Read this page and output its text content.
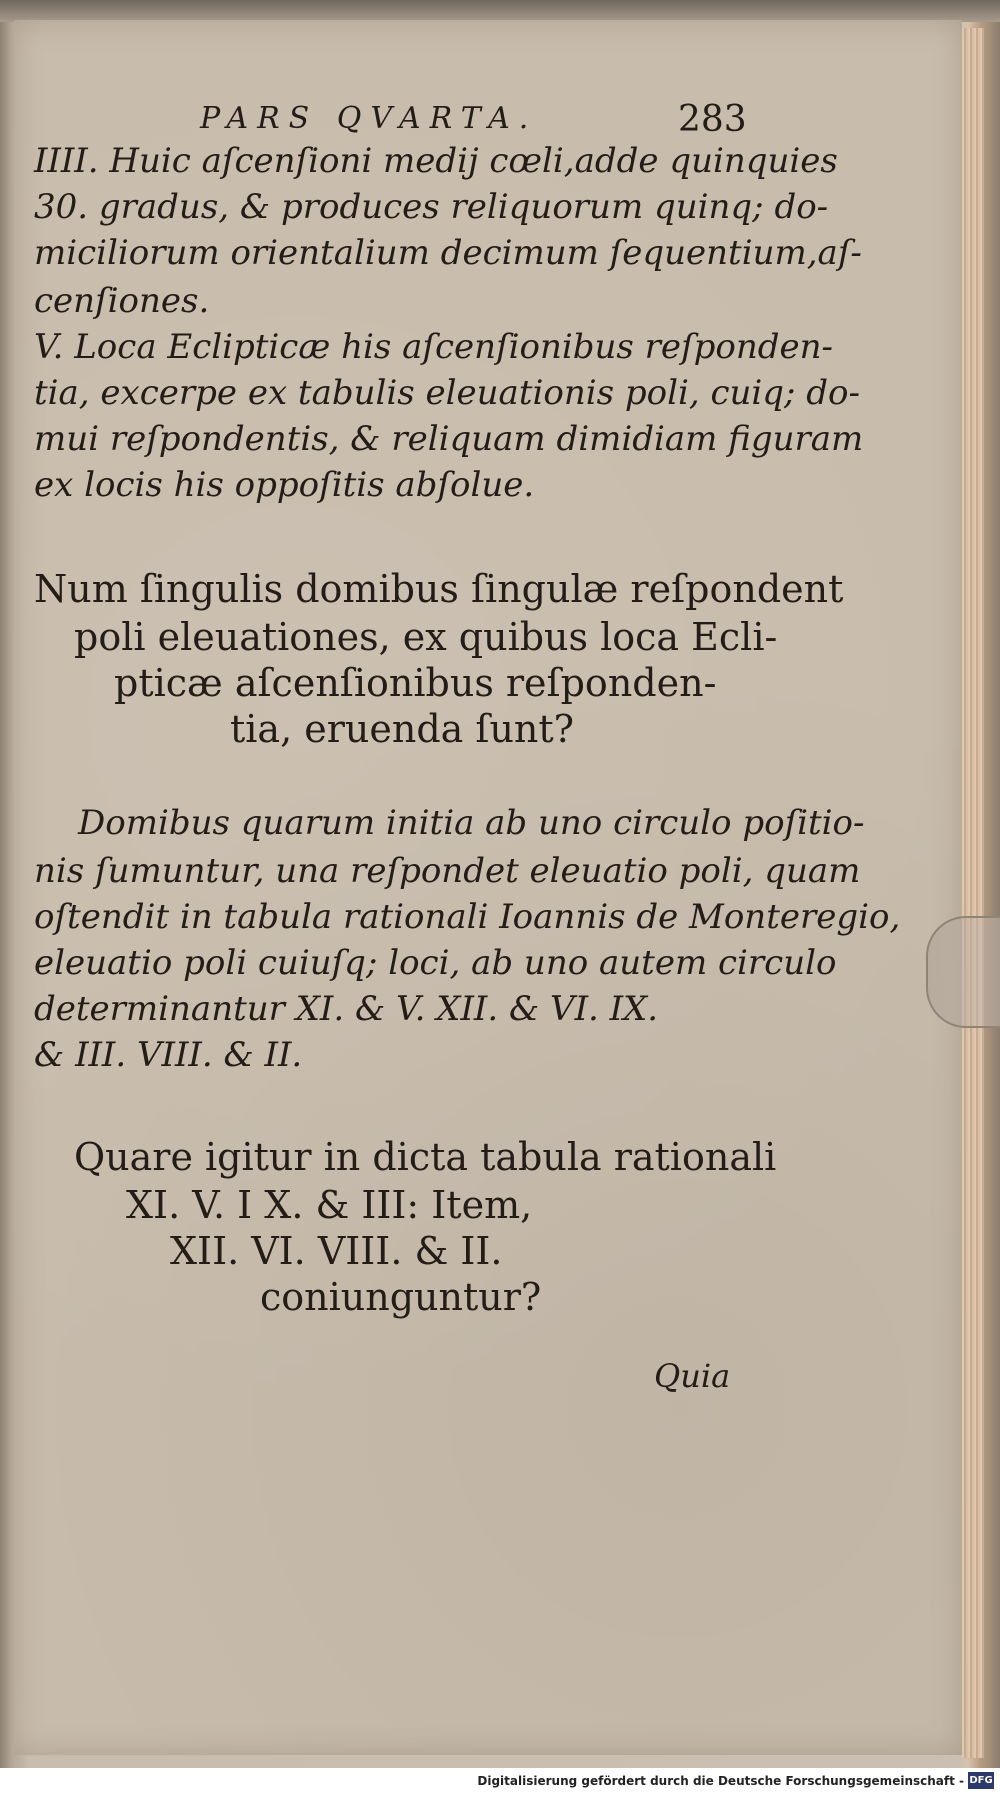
PARS QVARTA.	283

IIII. Huic aſcenſioni medij cœli,adde quinquies

30. gradus, & produces reliquorum quinq; do-

miciliorum orientalium decimum ſequentium,aſ-

cenſiones.

V. Loca Eclipticæ his aſcenſionibus reſponden-

tia, excerpe ex tabulis eleuationis poli, cuiq; do-

mui reſpondentis, & reliquam dimidiam figuram

ex locis his oppoſitis abſolue.

Num ſingulis domibus ſingulæ reſpondent

poli eleuationes, ex quibus loca Ecli-

pticæ aſcenſionibus reſponden-

tia, eruenda ſunt?

Domibus quarum initia ab uno circulo poſitio-

nis ſumuntur, una reſpondet eleuatio poli, quam

oſtendit in tabula rationali Ioannis de Monteregio,

eleuatio poli cuiuſq; loci, ab uno autem circulo

determinantur XI. & V. XII. & VI. IX.

& III. VIII. & II.

Quare igitur in dicta tabula rationali

XI. V. I X. & III: Item,

XII. VI. VIII. & II.

coniunguntur?

Quia

Digitalisierung gefördert durch die Deutsche Forschungsgemeinschaft - DFG
